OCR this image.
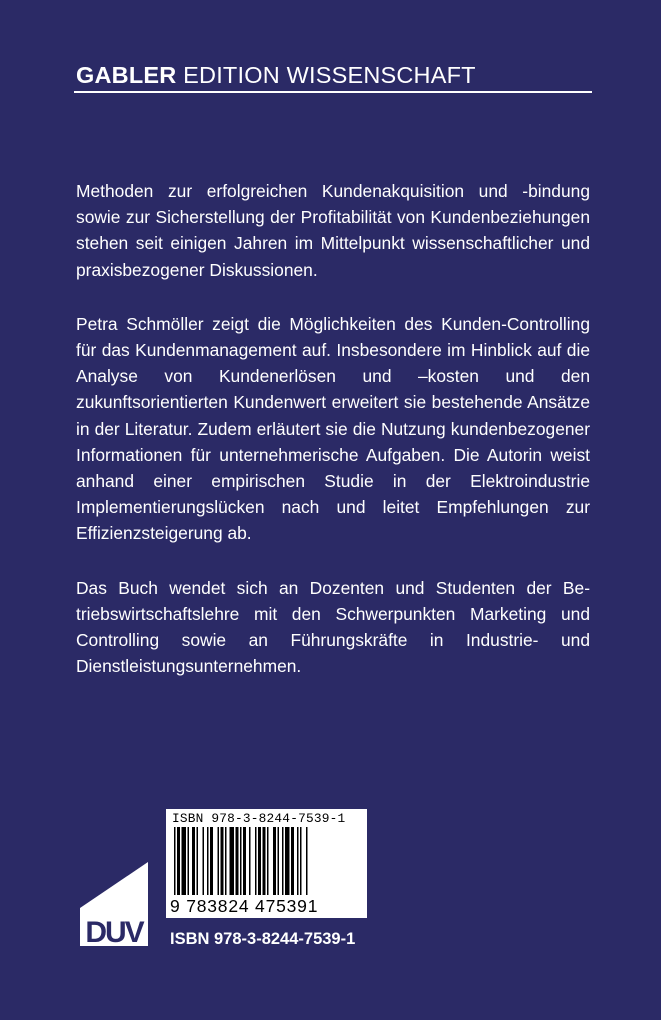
GABLER EDITION WISSENSCHAFT

Methoden zur erfolgreichen Kundenakquisition und -bindung sowie zur Sicherstellung der Profitabilität von Kundenbeziehungen stehen seit einigen Jahren im Mittelpunkt wissenschaftlicher und praxisbezogener Diskussionen.

Petra Schmöller zeigt die Möglichkeiten des Kunden-Controlling für das Kundenmanagement auf. Insbesondere im Hinblick auf die Analyse von Kundenerlösen und –kosten und den zukunftsorientierten Kundenwert erweitert sie bestehende Ansätze in der Literatur. Zudem erläutert sie die Nutzung kundenbezogener Informationen für unternehmerische Aufgaben. Die Autorin weist anhand einer empirischen Studie in der Elektroindustrie Implementierungslücken nach und leitet Empfehlungen zur Effizienzsteigerung ab.

Das Buch wendet sich an Dozenten und Studenten der Betriebswirtschaftslehre mit den Schwerpunkten Marketing und Controlling sowie an Führungskräfte in Industrie- und Dienstleistungsunternehmen.

ISBN 978-3-8244-7539-1
9 783824 475391
DUV ISBN 978-3-8244-7539-1
